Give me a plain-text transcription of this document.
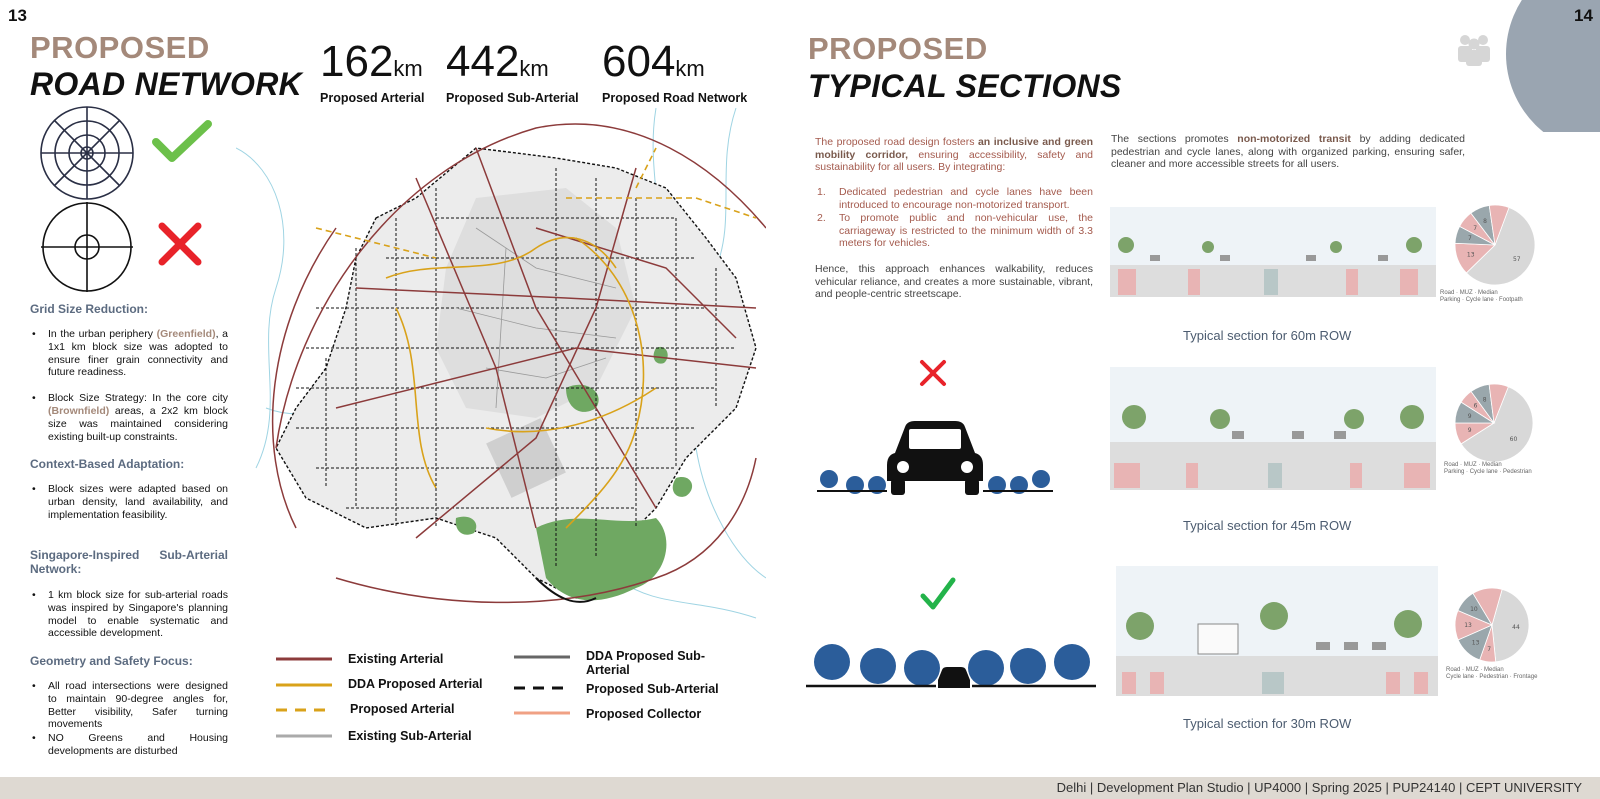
13
PROPOSED
ROAD NETWORK 162km
Proposed Arterial
442km
Proposed Sub-Arterial
604km
Proposed Road Network
Grid Size Reduction:
• In the urban periphery (Greenfield), a 1x1 km block size was adopted to ensure finer grain connectivity and future readiness.
• Block Size Strategy: In the core city (Brownfield) areas, a 2x2 km block size was maintained considering existing built-up constraints.
Context-Based Adaptation:
• Block sizes were adapted based on urban density, land availability, and implementation feasibility.
Singapore-Inspired Sub-Arterial Network:
• 1 km block size for sub-arterial roads was inspired by Singapore's planning model to enable systematic and accessible development.
Geometry and Safety Focus:
• All road intersections were designed to maintain 90-degree angles for, Better visibility, Safer turning movements
• NO Greens and Housing developments are disturbed
Existing Arterial
DDA Proposed Arterial
Proposed Arterial
Existing Sub-Arterial
DDA Proposed Sub-Arterial
Proposed Sub-Arterial
Proposed Collector
14
PROPOSED
TYPICAL SECTIONS
The proposed road design fosters an inclusive and green mobility corridor, ensuring accessibility, safety and sustainability for all users. By integrating:
1. Dedicated pedestrian and cycle lanes have been introduced to encourage non-motorized transport.
2. To promote public and non-vehicular use, the carriageway is restricted to the minimum width of 3.3 meters for vehicles.
Hence, this approach enhances walkability, reduces vehicular reliance, and creates a more sustainable, vibrant, and people-centric streetscape.
The sections promotes non-motorized transit by adding dedicated pedestrian and cycle lanes, along with organized parking, ensuring safer, cleaner and more accessible streets for all users.
57
13
7
7
8
60
9
9
6
8
44
7
13
13
10
Road · MUZ · Median
Parking · Cycle lane · Footpath
Road · MUZ · Median
Parking · Cycle lane · Pedestrian
Road · MUZ · Median
Cycle lane · Pedestrian · Frontage
Typical section for 60m ROW
Typical section for 45m ROW
Typical section for 30m ROW
Delhi | Development Plan Studio | UP4000 | Spring 2025 | PUP24140 | CEPT UNIVERSITY
